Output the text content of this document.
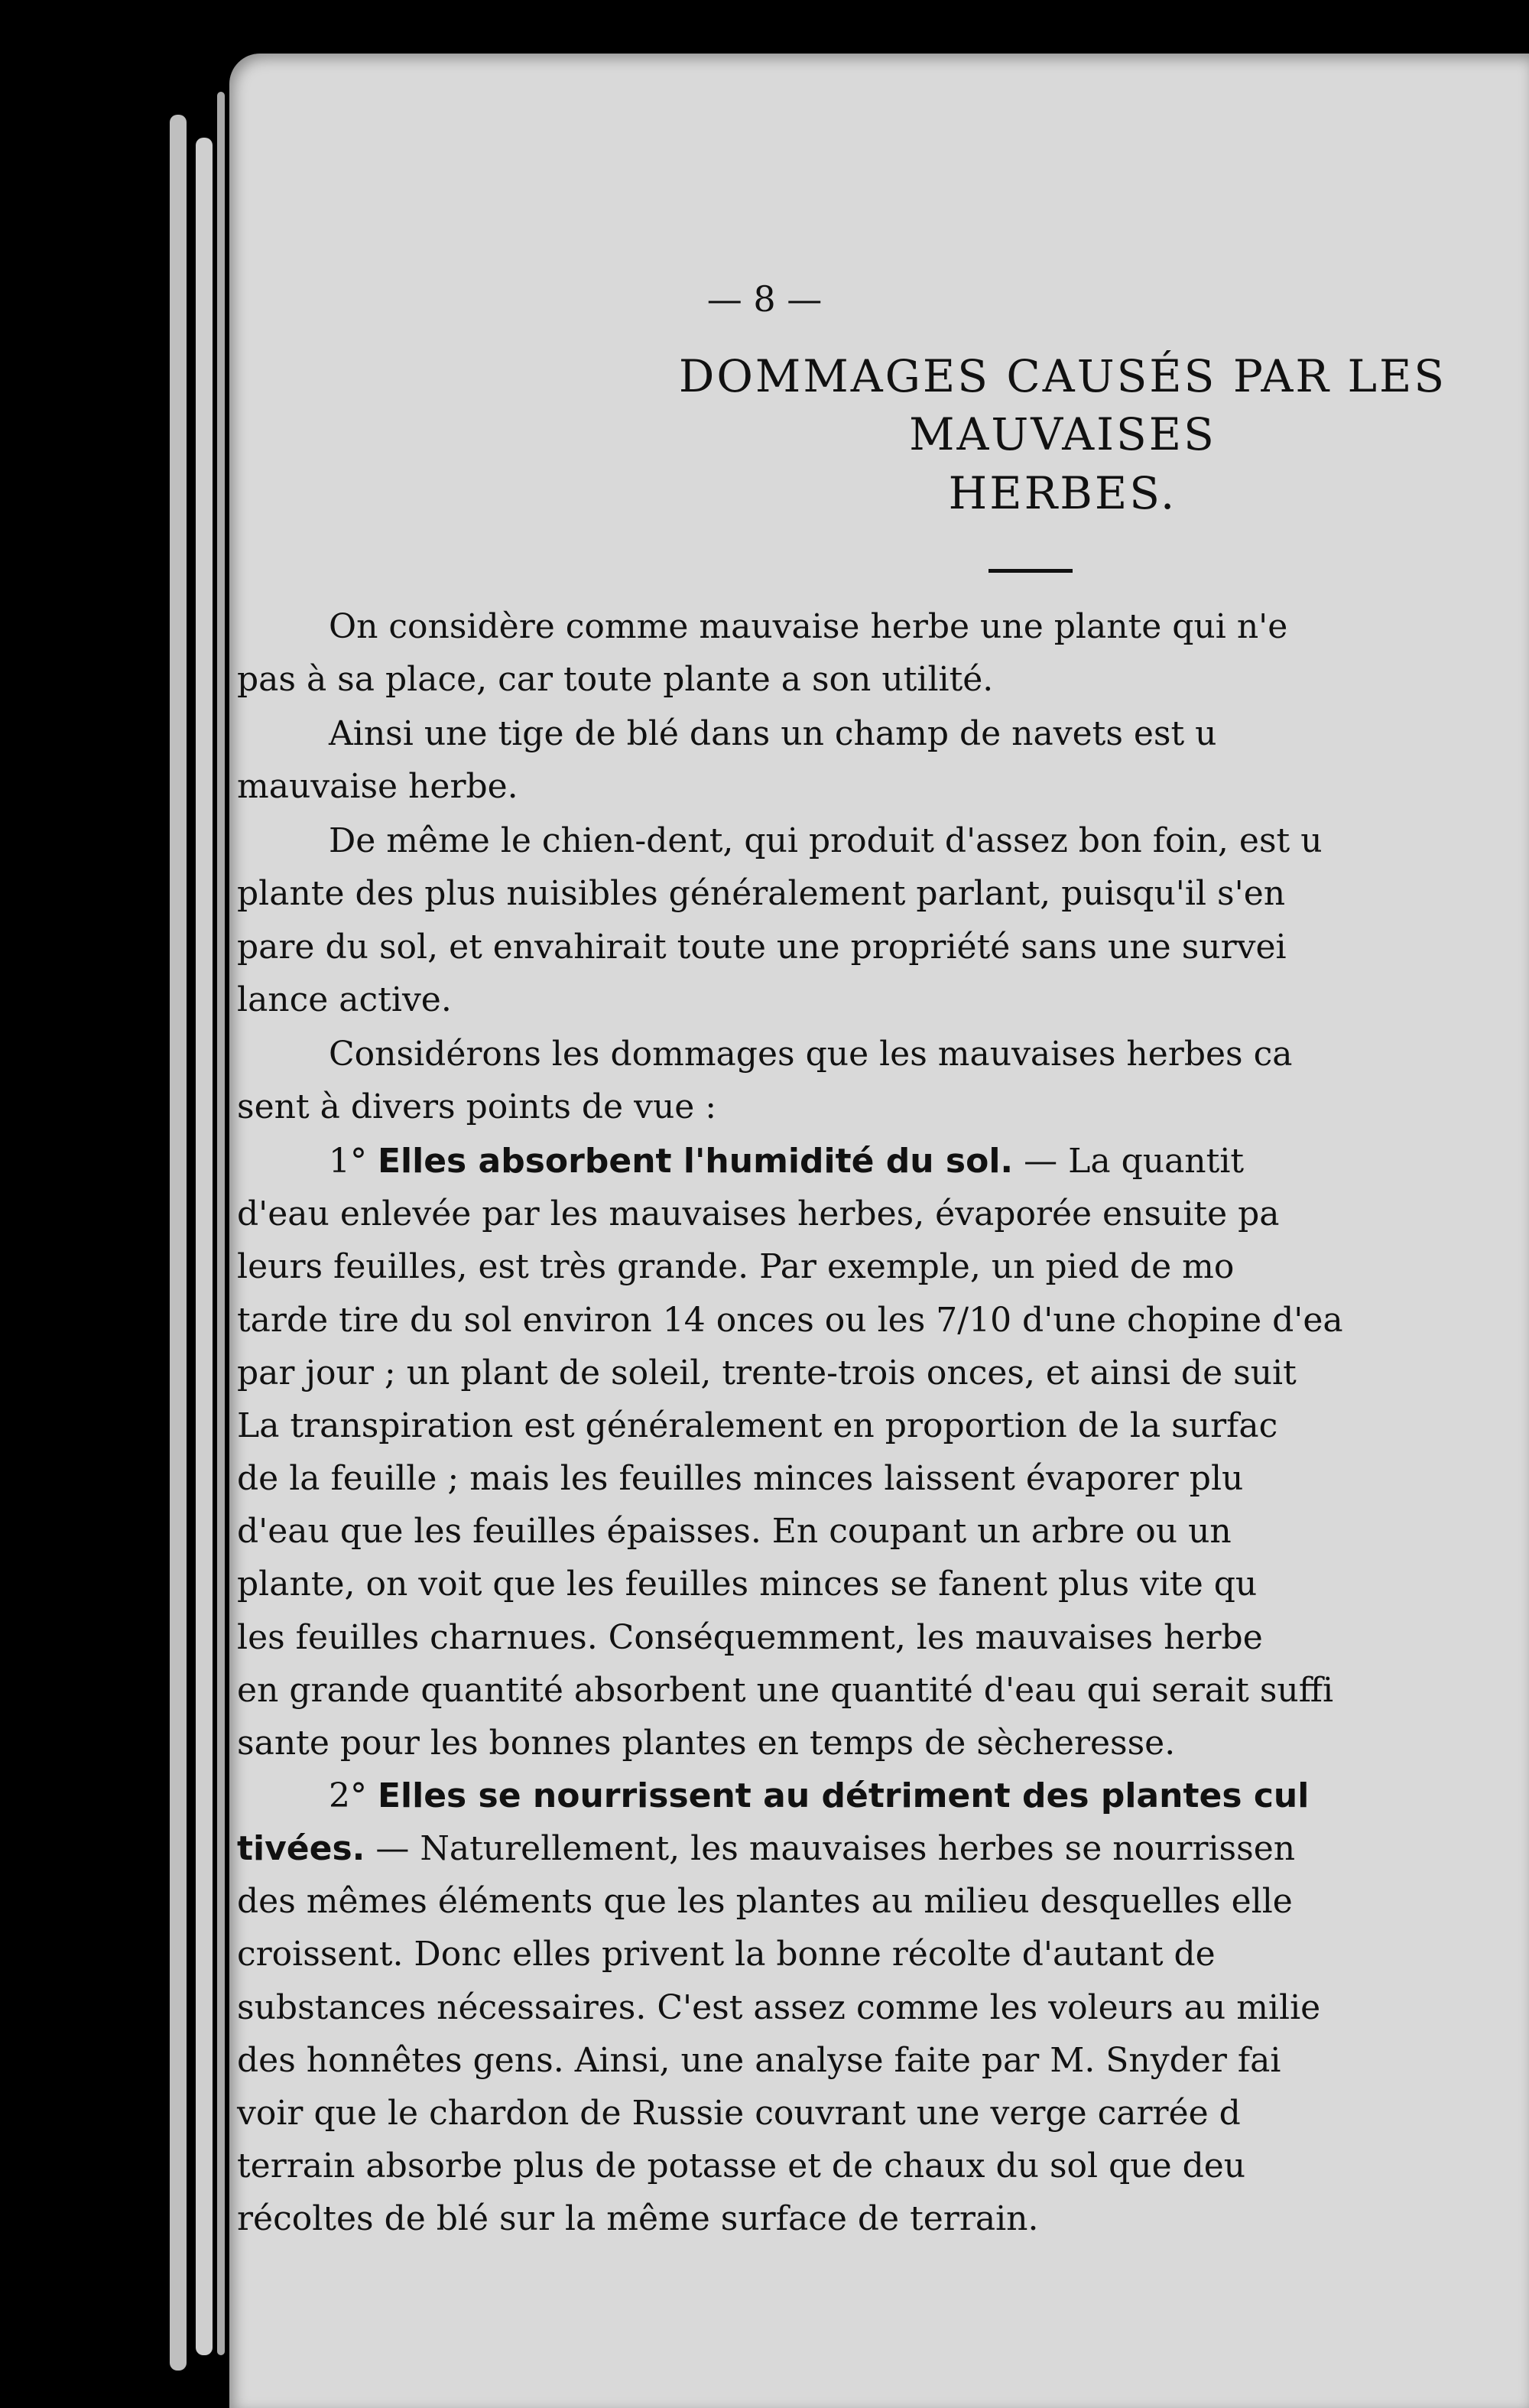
— 8 —
DOMMAGES CAUSÉS PAR LES MAUVAISES
HERBES.
On considère comme mauvaise herbe une plante qui n'e
pas à sa place, car toute plante a son utilité.
Ainsi une tige de blé dans un champ de navets est u
mauvaise herbe.
De même le chien-dent, qui produit d'assez bon foin, est u
plante des plus nuisibles généralement parlant, puisqu'il s'en
pare du sol, et envahirait toute une propriété sans une survei
lance active.
Considérons les dommages que les mauvaises herbes ca
sent à divers points de vue :
1° Elles absorbent l'humidité du sol. — La quantit
d'eau enlevée par les mauvaises herbes, évaporée ensuite pa
leurs feuilles, est très grande. Par exemple, un pied de mo
tarde tire du sol environ 14 onces ou les 7/10 d'une chopine d'ea
par jour ; un plant de soleil, trente-trois onces, et ainsi de suit
La transpiration est généralement en proportion de la surfac
de la feuille ; mais les feuilles minces laissent évaporer plu
d'eau que les feuilles épaisses. En coupant un arbre ou un
plante, on voit que les feuilles minces se fanent plus vite qu
les feuilles charnues. Conséquemment, les mauvaises herbe
en grande quantité absorbent une quantité d'eau qui serait suffi
sante pour les bonnes plantes en temps de sècheresse.
2° Elles se nourrissent au détriment des plantes cul
tivées. — Naturellement, les mauvaises herbes se nourrissen
des mêmes éléments que les plantes au milieu desquelles elle
croissent. Donc elles privent la bonne récolte d'autant de
substances nécessaires. C'est assez comme les voleurs au milie
des honnêtes gens. Ainsi, une analyse faite par M. Snyder fai
voir que le chardon de Russie couvrant une verge carrée d
terrain absorbe plus de potasse et de chaux du sol que deu
récoltes de blé sur la même surface de terrain.
